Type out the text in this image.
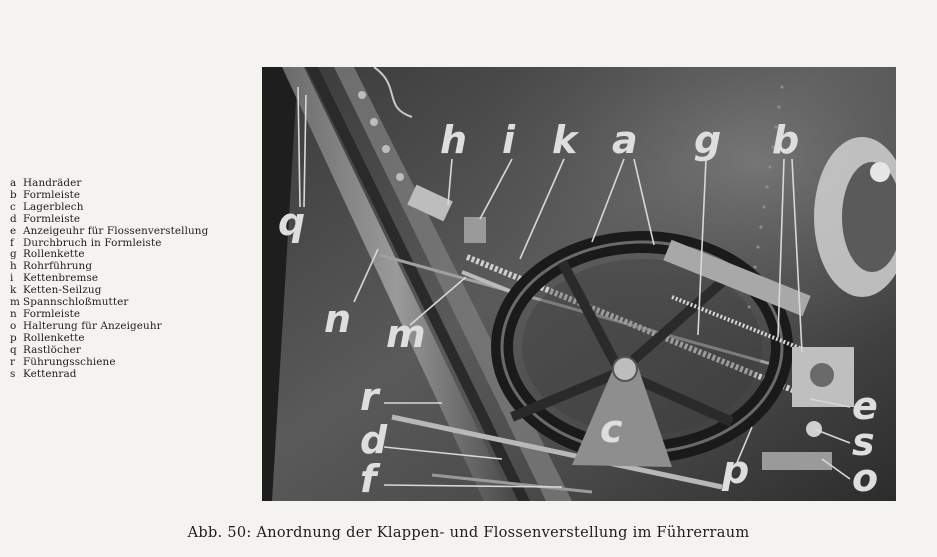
a Handräder
b Formleiste
c Lagerblech
d Formleiste
e Anzeigeuhr für Flossenverstellung
f Durchbruch in Formleiste
g Rollenkette
h Rohrführung
i Kettenbremse
k Ketten-Seilzug
m Spannschloßmutter
n Formleiste
o Halterung für Anzeigeuhr
p Rollenkette
q Rastlöcher
r Führungsschiene
s Kettenrad
h i k a g b
q
n m
c
r
d
f	p
e
s
o
Abb. 50: Anordnung der Klappen- und Flossenverstellung im Führerraum
